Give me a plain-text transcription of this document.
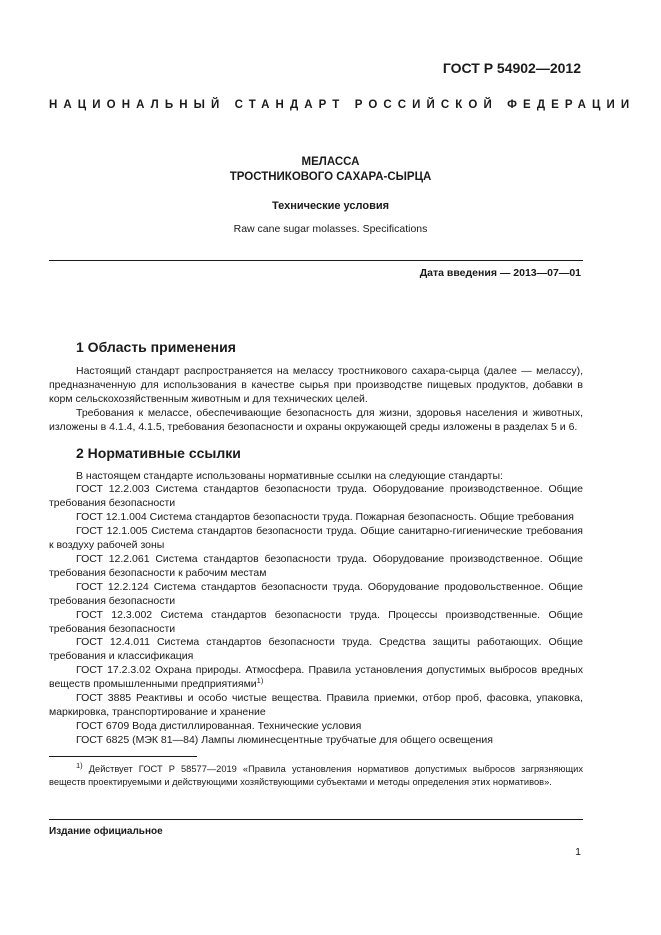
ГОСТ Р 54902—2012
НАЦИОНАЛЬНЫЙ СТАНДАРТ РОССИЙСКОЙ ФЕДЕРАЦИИ
МЕЛАССА
ТРОСТНИКОВОГО САХАРА-СЫРЦА
Технические условия
Raw cane sugar molasses. Specifications
Дата введения — 2013—07—01
1 Область применения

Настоящий стандарт распространяется на мелассу тростникового сахара-сырца (далее — мелассу), предназначенную для использования в качестве сырья при производстве пищевых продуктов, добавки в корм сельскохозяйственным животным и для технических целей.

Требования к мелассе, обеспечивающие безопасность для жизни, здоровья населения и животных, изложены в 4.1.4, 4.1.5, требования безопасности и охраны окружающей среды изложены в разделах 5 и 6.

2 Нормативные ссылки

В настоящем стандарте использованы нормативные ссылки на следующие стандарты:

ГОСТ 12.2.003 Система стандартов безопасности труда. Оборудование производственное. Общие требования безопасности

ГОСТ 12.1.004 Система стандартов безопасности труда. Пожарная безопасность. Общие требования

ГОСТ 12.1.005 Система стандартов безопасности труда. Общие санитарно-гигиенические требования к воздуху рабочей зоны

ГОСТ 12.2.061 Система стандартов безопасности труда. Оборудование производственное. Общие требования безопасности к рабочим местам

ГОСТ 12.2.124 Система стандартов безопасности труда. Оборудование продовольственное. Общие требования безопасности

ГОСТ 12.3.002 Система стандартов безопасности труда. Процессы производственные. Общие требования безопасности

ГОСТ 12.4.011 Система стандартов безопасности труда. Средства защиты работающих. Общие требования и классификация

ГОСТ 17.2.3.02 Охрана природы. Атмосфера. Правила установления допустимых выбросов вредных веществ промышленными предприятиями$^{1)}$

ГОСТ 3885 Реактивы и особо чистые вещества. Правила приемки, отбор проб, фасовка, упаковка, маркировка, транспортирование и хранение

ГОСТ 6709 Вода дистиллированная. Технические условия

ГОСТ 6825 (МЭК 81—84) Лампы люминесцентные трубчатые для общего освещения

$^{1)}$ Действует ГОСТ Р 58577—2019 «Правила установления нормативов допустимых выбросов загрязняющих веществ проектируемыми и действующими хозяйствующими субъектами и методы определения этих нормативов».

Издание официальное
1
